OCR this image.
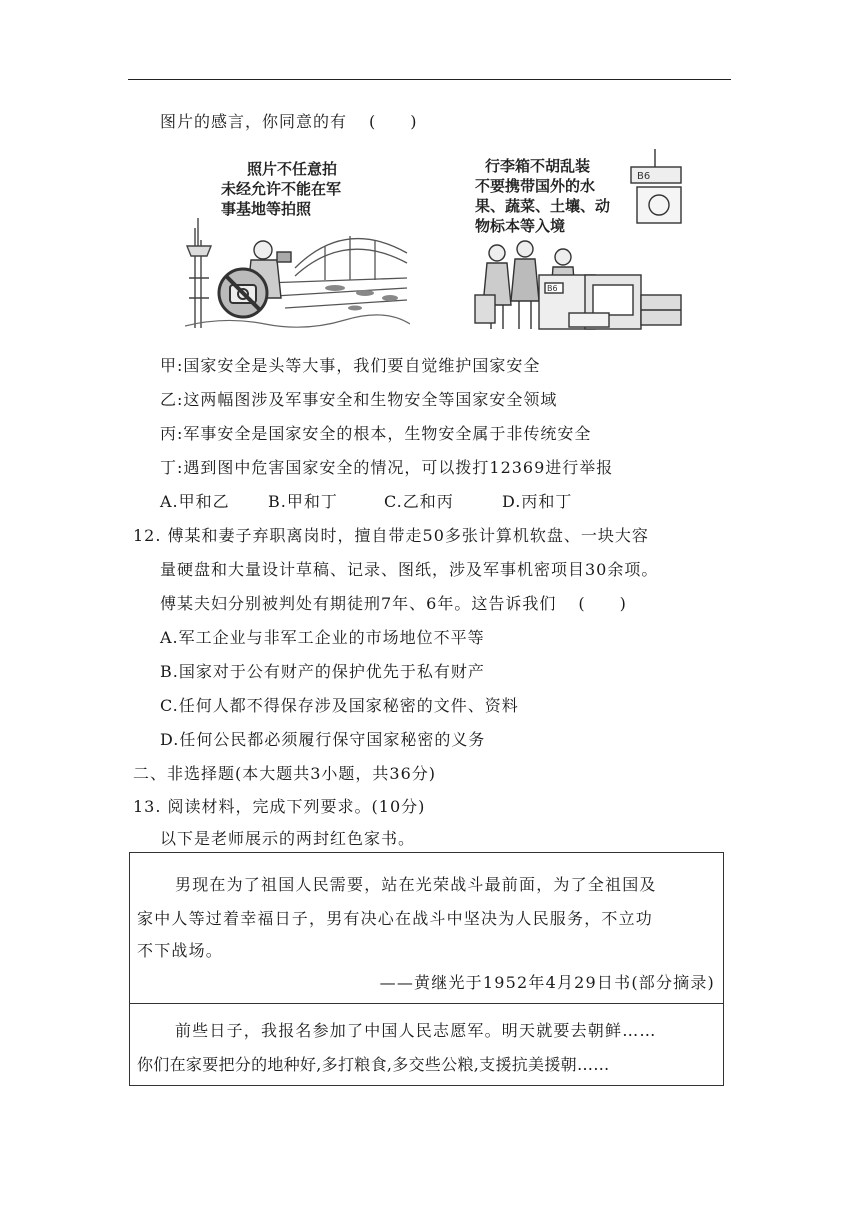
图片的感言，你同意的有 (　　)
照片不任意拍
未经允许不能在军
事基地等拍照
行李箱不胡乱装
不要携带国外的水
果、蔬菜、土壤、动
物标本等入境
B6
B6
甲:国家安全是头等大事，我们要自觉维护国家安全
乙:这两幅图涉及军事安全和生物安全等国家安全领域
丙:军事安全是国家安全的根本，生物安全属于非传统安全
丁:遇到图中危害国家安全的情况，可以拨打12369进行举报
A.甲和乙 B.甲和丁	C.乙和丙	D.丙和丁
12. 傅某和妻子弃职离岗时，擅自带走50多张计算机软盘、一块大容
量硬盘和大量设计草稿、记录、图纸，涉及军事机密项目30余项。
傅某夫妇分别被判处有期徒刑7年、6年。这告诉我们 (　　)
A.军工企业与非军工企业的市场地位不平等
B.国家对于公有财产的保护优先于私有财产
C.任何人都不得保存涉及国家秘密的文件、资料
D.任何公民都必须履行保守国家秘密的义务
二、非选择题(本大题共3小题，共36分)
13. 阅读材料，完成下列要求。(10分)
以下是老师展示的两封红色家书。
男现在为了祖国人民需要，站在光荣战斗最前面，为了全祖国及
家中人等过着幸福日子，男有决心在战斗中坚决为人民服务，不立功
不下战场。
——黄继光于1952年4月29日书(部分摘录)
前些日子，我报名参加了中国人民志愿军。明天就要去朝鲜……
你们在家要把分的地种好,多打粮食,多交些公粮,支援抗美援朝……
